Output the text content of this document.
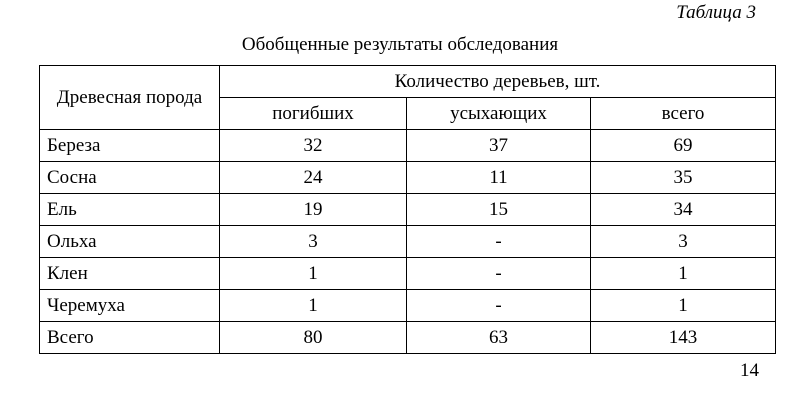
Таблица 3
Обобщенные результаты обследования
Древесная порода	Количество деревьев, шт.		
	погибших	усыхающих	всего
Береза	32	37	69
Сосна	24	11	35
Ель	19	15	34
Ольха	3	-	3
Клен	1	-	1
Черемуха	1	-	1
Всего	80	63	143
14
